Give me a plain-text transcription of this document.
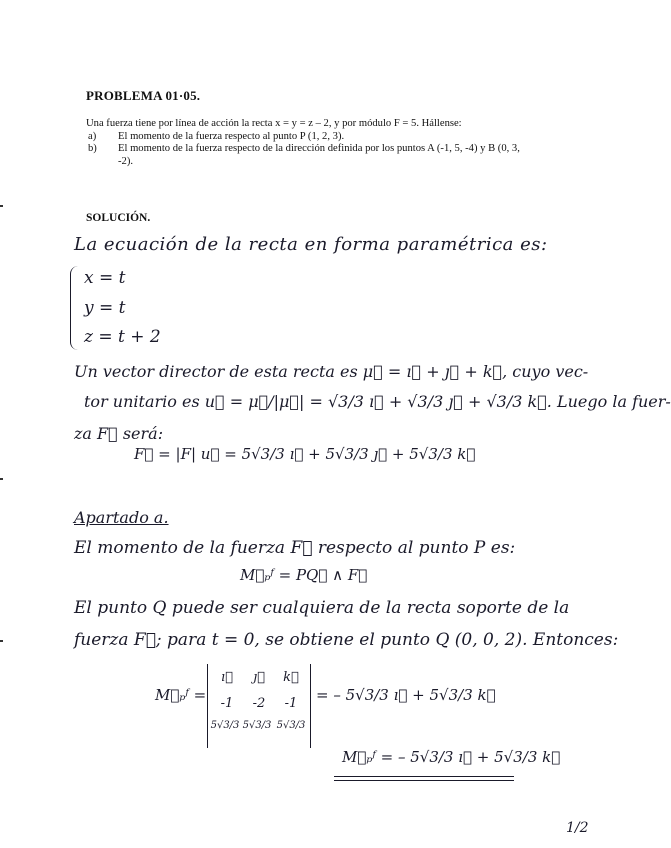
PROBLEMA 01·05.

Una fuerza tiene por línea de acción la recta x = y = z – 2, y por módulo F = 5. Hállense:

a) El momento de la fuerza respecto al punto P (1, 2, 3).
b) El momento de la fuerza respecto de la dirección definida por los puntos A (-1, 5, -4) y B (0, 3, -2).
SOLUCIÓN.
La ecuación de la recta en forma paramétrica es:
x = t
y = t
z = t + 2
Un vector director de esta recta es μ⃗ = ı⃗ + ȷ⃗ + k⃗, cuyo vec-
tor unitario es u⃗ = μ⃗/|μ⃗| = √3/3 ı⃗ + √3/3 ȷ⃗ + √3/3 k⃗. Luego la fuer-
za F⃗ será:
F⃗ = |F| u⃗ = 5√3/3 ı⃗ + 5√3/3 ȷ⃗ + 5√3/3 k⃗
Apartado a.
El momento de la fuerza F⃗ respecto al punto P es:
M⃗ₚᶠ = PQ⃗ ∧ F⃗
El punto Q puede ser cualquiera de la recta soporte de la
fuerza F⃗; para t = 0, se obtiene el punto Q (0, 0, 2). Entonces:
M⃗ₚᶠ =
ı⃗	ȷ⃗	k⃗
-1	-2	-1
5√3/3 5√3/3 5√3/3
= – 5√3/3 ı⃗ + 5√3/3 k⃗
M⃗ₚᶠ = – 5√3/3 ı⃗ + 5√3/3 k⃗
1/2
